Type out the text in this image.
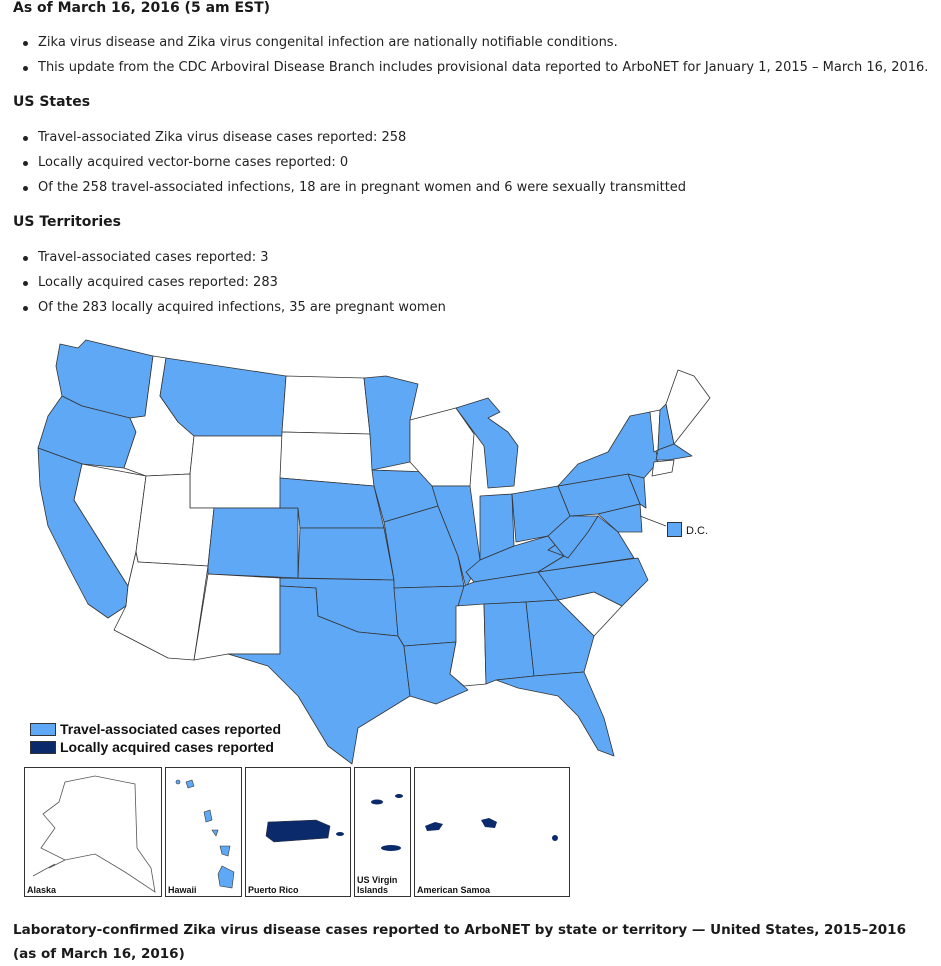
As of March 16, 2016 (5 am EST)
Zika virus disease and Zika virus congenital infection are nationally notifiable conditions.
This update from the CDC Arboviral Disease Branch includes provisional data reported to ArboNET for January 1, 2015 – March 16, 2016.
US States
Travel-associated Zika virus disease cases reported: 258
Locally acquired vector-borne cases reported: 0
Of the 258 travel-associated infections, 18 are in pregnant women and 6 were sexually transmitted
US Territories
Travel-associated cases reported: 3
Locally acquired cases reported: 283
Of the 283 locally acquired infections, 35 are pregnant women
D.C.
Travel-associated cases reported
Locally acquired cases reported
Alaska	Hawaii	Puerto Rico
US Virgin
Islands	American Samoa

Laboratory-confirmed Zika virus disease cases reported to ArboNET by state or territory — United States, 2015–2016 (as of March 16, 2016)
